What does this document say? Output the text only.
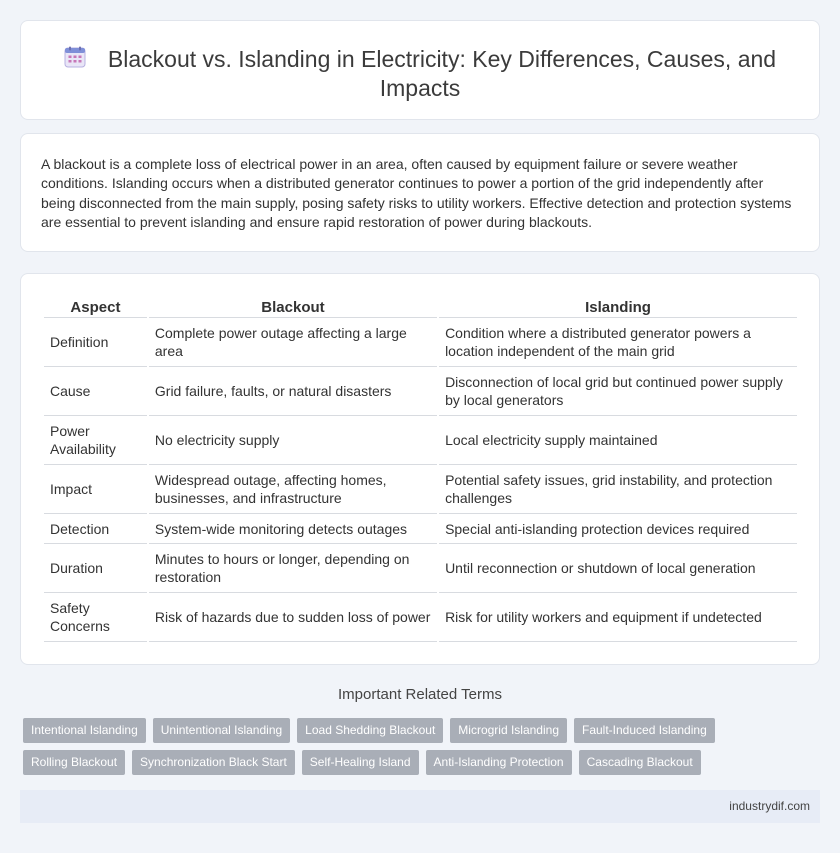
Blackout vs. Islanding in Electricity: Key Differences, Causes, and Impacts

A blackout is a complete loss of electrical power in an area, often caused by equipment failure or severe weather conditions. Islanding occurs when a distributed generator continues to power a portion of the grid independently after being disconnected from the main supply, posing safety risks to utility workers. Effective detection and protection systems are essential to prevent islanding and ensure rapid restoration of power during blackouts.

Aspect	Blackout	Islanding
Definition	Complete power outage affecting a large area	Condition where a distributed generator powers a location independent of the main grid
Cause	Grid failure, faults, or natural disasters	Disconnection of local grid but continued power supply by local generators
Power Availability	No electricity supply	Local electricity supply maintained
Impact	Widespread outage, affecting homes, businesses, and infrastructure	Potential safety issues, grid instability, and protection challenges
Detection	System-wide monitoring detects outages	Special anti-islanding protection devices required
Duration	Minutes to hours or longer, depending on restoration	Until reconnection or shutdown of local generation
Safety Concerns	Risk of hazards due to sudden loss of power	Risk for utility workers and equipment if undetected
Important Related Terms
Intentional Islanding	Unintentional Islanding	Load Shedding Blackout	Microgrid Islanding	Fault-Induced Islanding
Rolling Blackout	Synchronization Black Start	Self-Healing Island	Anti-Islanding Protection	Cascading Blackout
industrydif.com
